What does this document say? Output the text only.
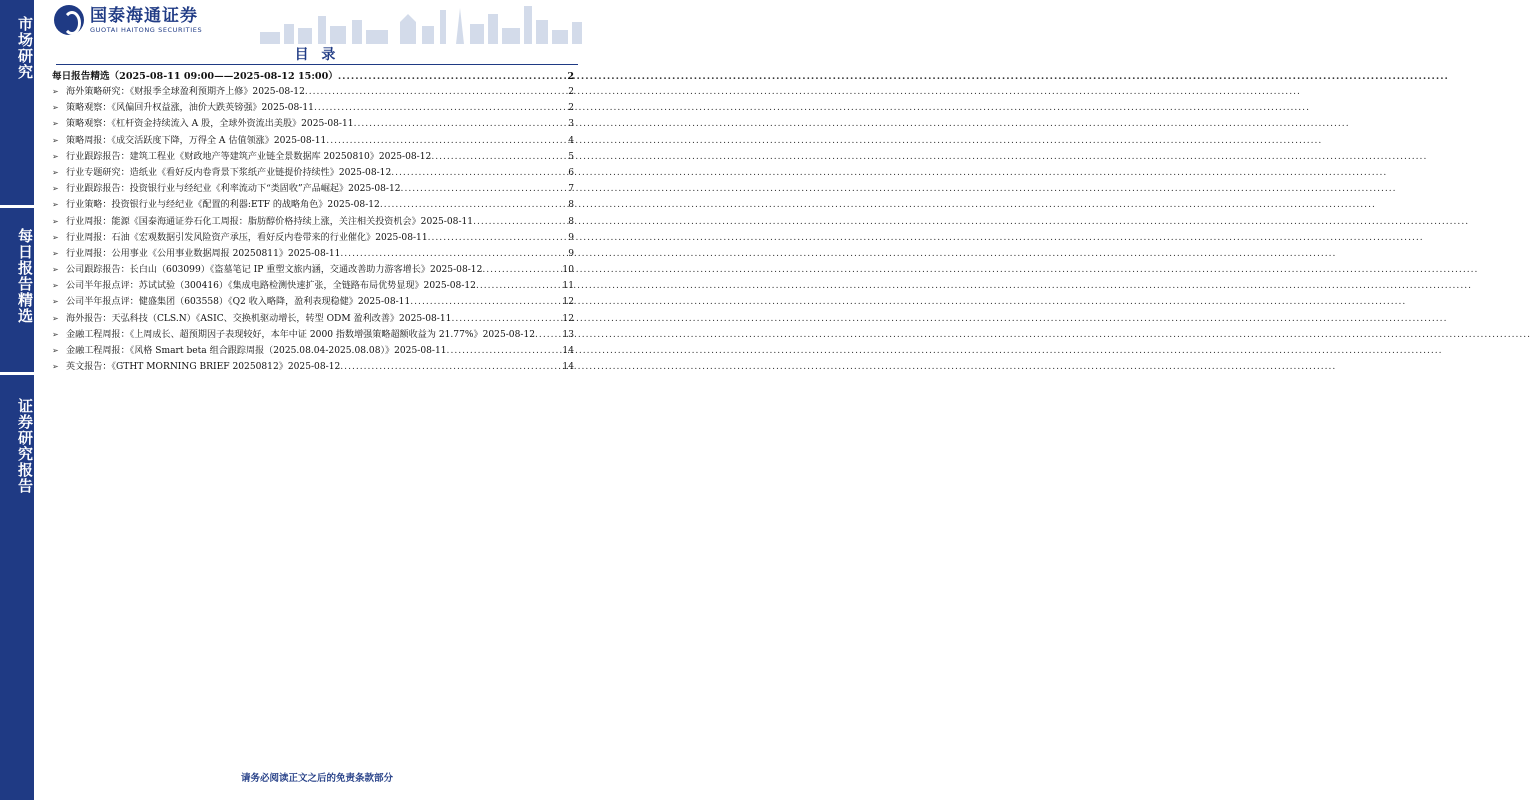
市场研究
每日报告精选
证券研究报告
国泰海通证券
GUOTAI HAITONG SECURITIES
目 录
每日报告精选（2025-08-11 09:00——2025-08-12 15:00） .....	2
➢ 海外策略研究：《财报季全球盈利预期齐上修》2025-08-12 .....	2
➢ 策略观察：《风偏回升权益涨，油价大跌英镑强》2025-08-11 .....	2
➢ 策略观察：《杠杆资金持续流入 A 股，全球外资流出美股》2025-08-11 .....	3
➢ 策略周报：《成交活跃度下降，万得全 A 估值领涨》2025-08-11 .....	4
➢ 行业跟踪报告：建筑工程业《财政地产等建筑产业链全景数据库 20250810》2025-08-12 .....	5
➢ 行业专题研究：造纸业《看好反内卷背景下浆纸产业链提价持续性》2025-08-12 .....	6
➢ 行业跟踪报告：投资银行业与经纪业《利率流动下“类固收”产品崛起》2025-08-12 .....	7
➢ 行业策略：投资银行业与经纪业《配置的利器:ETF 的战略角色》2025-08-12 .....	8
➢ 行业周报：能源《国泰海通证券石化工周报：脂肪醇价格持续上涨，关注相关投资机会》2025-08-11 .....	8
➢ 行业周报：石油《宏观数据引发风险资产承压，看好反内卷带来的行业催化》2025-08-11 .....	9
➢ 行业周报：公用事业《公用事业数据周报 20250811》2025-08-11 .....	9
➢ 公司跟踪报告：长白山（603099）《盗墓笔记 IP 重塑文旅内涵，交通改善助力游客增长》2025-08-12 .....	10
➢ 公司半年报点评：苏试试验（300416）《集成电路检测快速扩张，全链路布局优势显现》2025-08-12 .....	11
➢ 公司半年报点评：健盛集团（603558）《Q2 收入略降，盈利表现稳健》2025-08-11 .....	12
➢ 海外报告：天弘科技（CLS.N）《ASIC、交换机驱动增长，转型 ODM 盈利改善》2025-08-11 .....	12
➢ 金融工程周报：《上周成长、超预期因子表现较好，本年中证 2000 指数增强策略超额收益为 21.77%》2025-08-12 .....	13
➢ 金融工程周报：《风格 Smart beta 组合跟踪周报（2025.08.04-2025.08.08）》2025-08-11 .....	14
➢ 英文报告：《GTHT MORNING BRIEF 20250812》2025-08-12 .....	14
请务必阅读正文之后的免责条款部分
